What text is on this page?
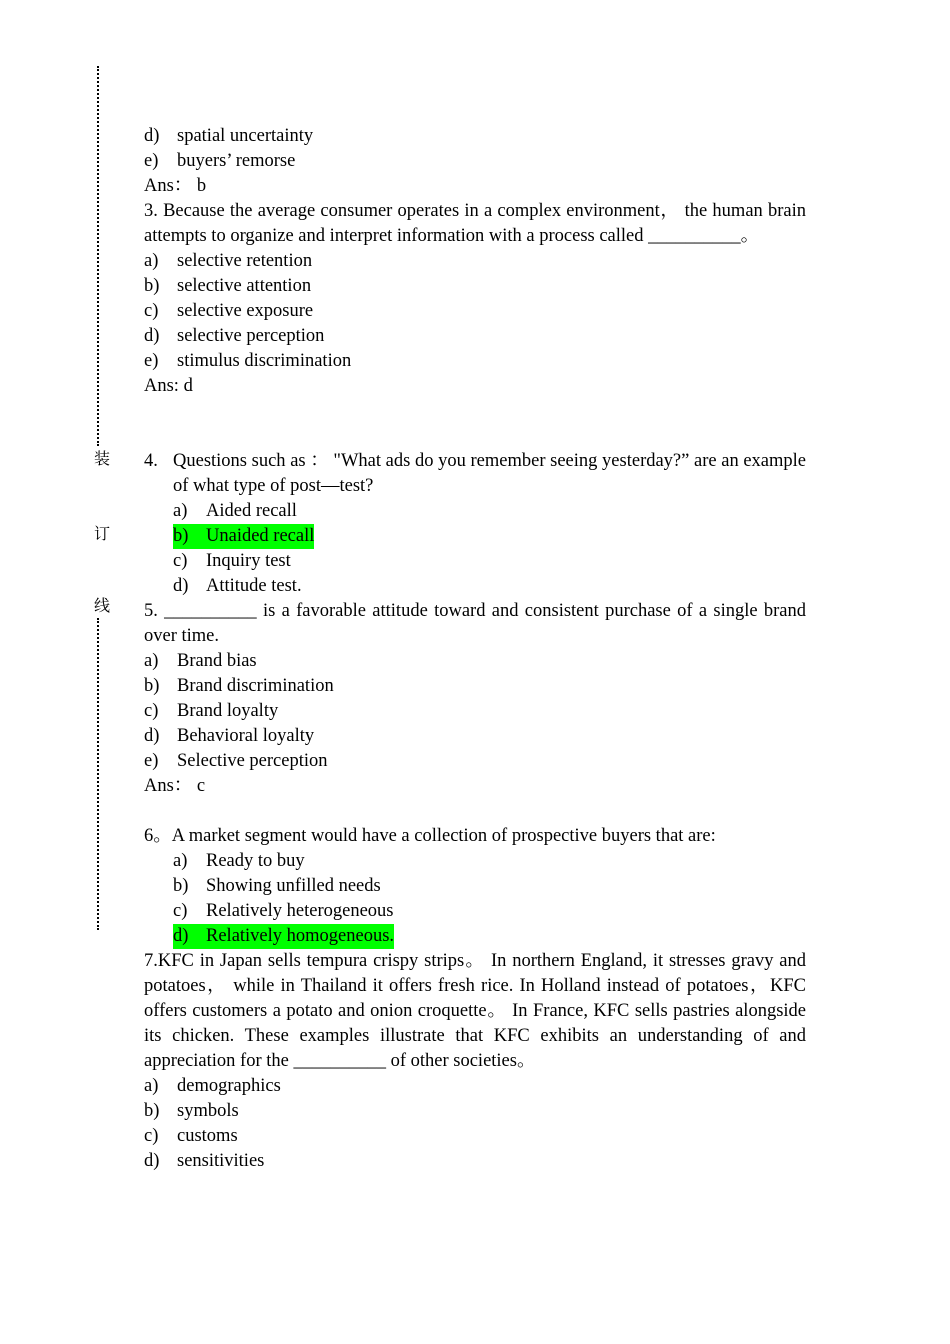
装
订
线
d) spatial uncertainty
e) buyers’ remorse
Ans： b
3. Because the average consumer operates in a complex environment， the human brain attempts to organize and interpret information with a process called __________。
a) selective retention
b) selective attention
c) selective exposure
d) selective perception
e) stimulus discrimination
Ans: d
4. Questions such as ： "What ads do you remember seeing yesterday?” are an example of what type of post—test?
a) Aided recall
b) Unaided recall
c) Inquiry test
d) Attitude test.
5. __________ is a favorable attitude toward and consistent purchase of a single brand over time.
a) Brand bias
b) Brand discrimination
c) Brand loyalty
d) Behavioral loyalty
e) Selective perception
Ans： c
6。A market segment would have a collection of prospective buyers that are:
a) Ready to buy
b) Showing unfilled needs
c) Relatively heterogeneous
d) Relatively homogeneous.
7.KFC in Japan sells tempura crispy strips。 In northern England, it stresses gravy and potatoes， while in Thailand it offers fresh rice. In Holland instead of potatoes，KFC offers customers a potato and onion croquette。 In France, KFC sells pastries alongside its chicken. These examples illustrate that KFC exhibits an understanding of and appreciation for the __________ of other societies。
a) demographics
b) symbols
c) customs
d) sensitivities
